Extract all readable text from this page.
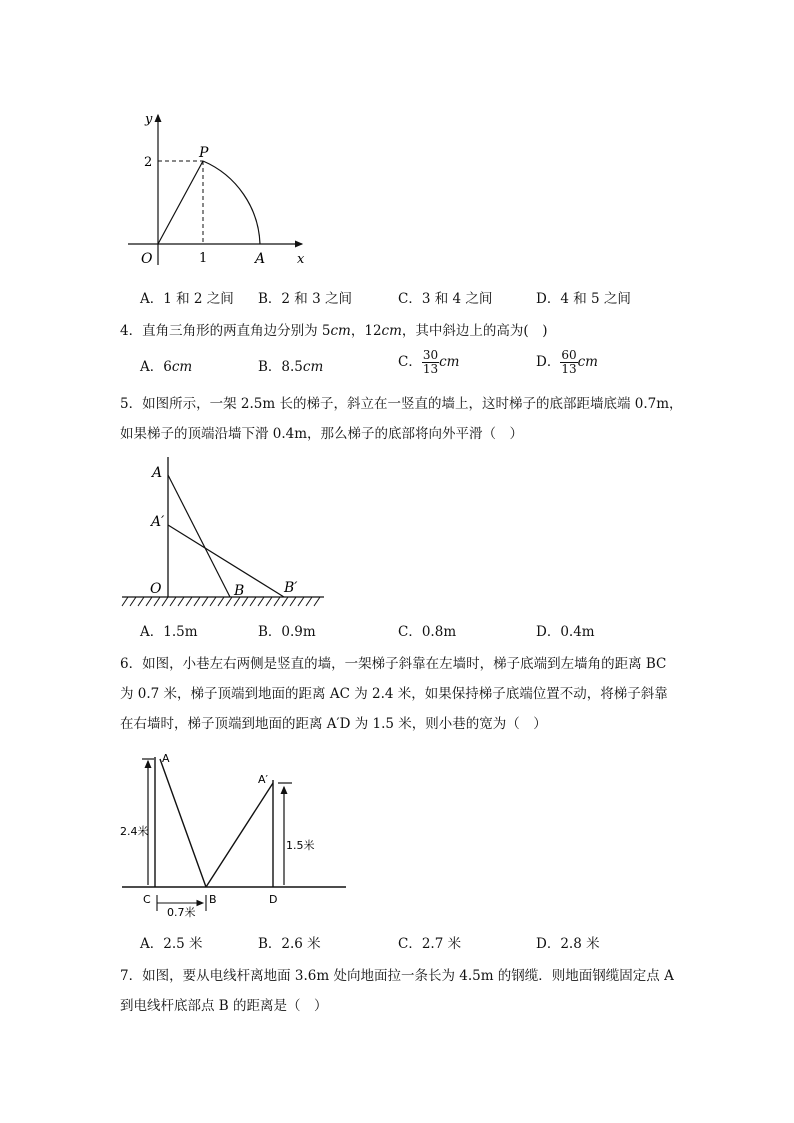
y
x
O
P
A
1
2
A．1 和 2 之间 B．2 和 3 之间	C．3 和 4 之间	D．4 和 5 之间
4．直角三角形的两直角边分别为 5cm，12cm，其中斜边上的高为(　)
A．6cm	B．8.5cm	C． $\frac{30}{13}$ cm	D． $\frac{60}{13}$ cm
5．如图所示，一架 2.5m 长的梯子，斜立在一竖直的墙上，这时梯子的底部距墙底端 0.7m，
如果梯子的顶端沿墙下滑 0.4m，那么梯子的底部将向外平滑（　）
A
A′
O	B	B′
A．1.5m	B．0.9m	C．0.8m	D．0.4m
6．如图，小巷左右两侧是竖直的墙，一架梯子斜靠在左墙时，梯子底端到左墙角的距离 BC
为 0.7 米，梯子顶端到地面的距离 AC 为 2.4 米，如果保持梯子底端位置不动，将梯子斜靠
在右墙时，梯子顶端到地面的距离 A′D 为 1.5 米，则小巷的宽为（　）
A
A′
2.4米
1.5米
C	B	D
0.7米
A．2.5 米	B．2.6 米	C．2.7 米	D．2.8 米
7．如图，要从电线杆离地面 3.6m 处向地面拉一条长为 4.5m 的钢缆．则地面钢缆固定点 A
到电线杆底部点 B 的距离是（　）
